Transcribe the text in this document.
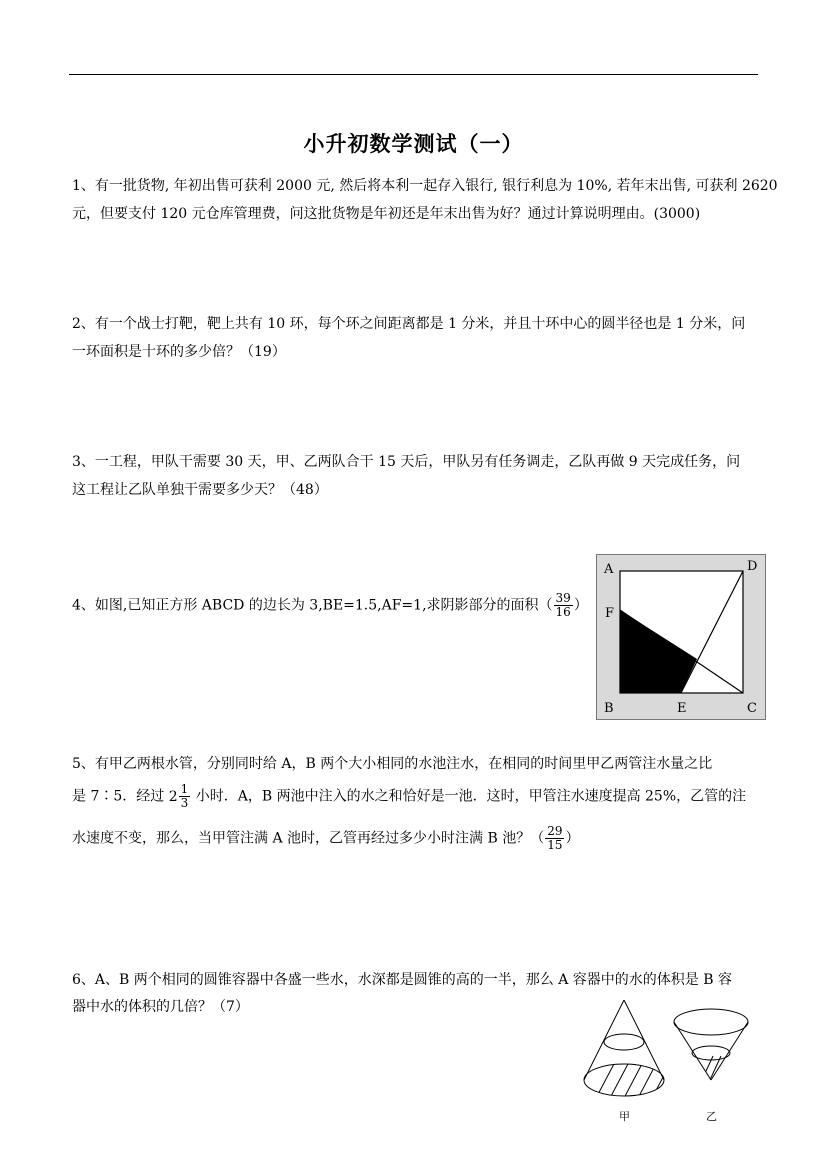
小升初数学测试（一）
1、有一批货物, 年初出售可获利 2000 元, 然后将本利一起存入银行, 银行利息为 10%, 若年末出售, 可获利 2620
元，但要支付 120 元仓库管理费，问这批货物是年初还是年末出售为好？通过计算说明理由。(3000)
2、有一个战士打靶，靶上共有 10 环，每个环之间距离都是 1 分米，并且十环中心的圆半径也是 1 分米，问
一环面积是十环的多少倍？（19）
3、一工程，甲队干需要 30 天，甲、乙两队合干 15 天后，甲队另有任务调走，乙队再做 9 天完成任务，问
这工程让乙队单独干需要多少天？（48）
4、如图,已知正方形 ABCD 的边长为 3,BE=1.5,AF=1,求阴影部分的面积（ $\frac{39}{16}$ ）
A	D
F
B	E	C
5、有甲乙两根水管，分别同时给 A，B 两个大小相同的水池注水，在相同的时间里甲乙两管注水量之比
是 7∶5．经过 $2 \frac{1}{3}$ 小时．A，B 两池中注入的水之和恰好是一池．这时，甲管注水速度提高 25%，乙管的注
水速度不变，那么，当甲管注满 A 池时，乙管再经过多少小时注满 B 池？（ $\frac{29}{15}$ ）
6、A、B 两个相同的圆锥容器中各盛一些水，水深都是圆锥的高的一半，那么 A 容器中的水的体积是 B 容
器中水的体积的几倍？（7）
甲	乙
